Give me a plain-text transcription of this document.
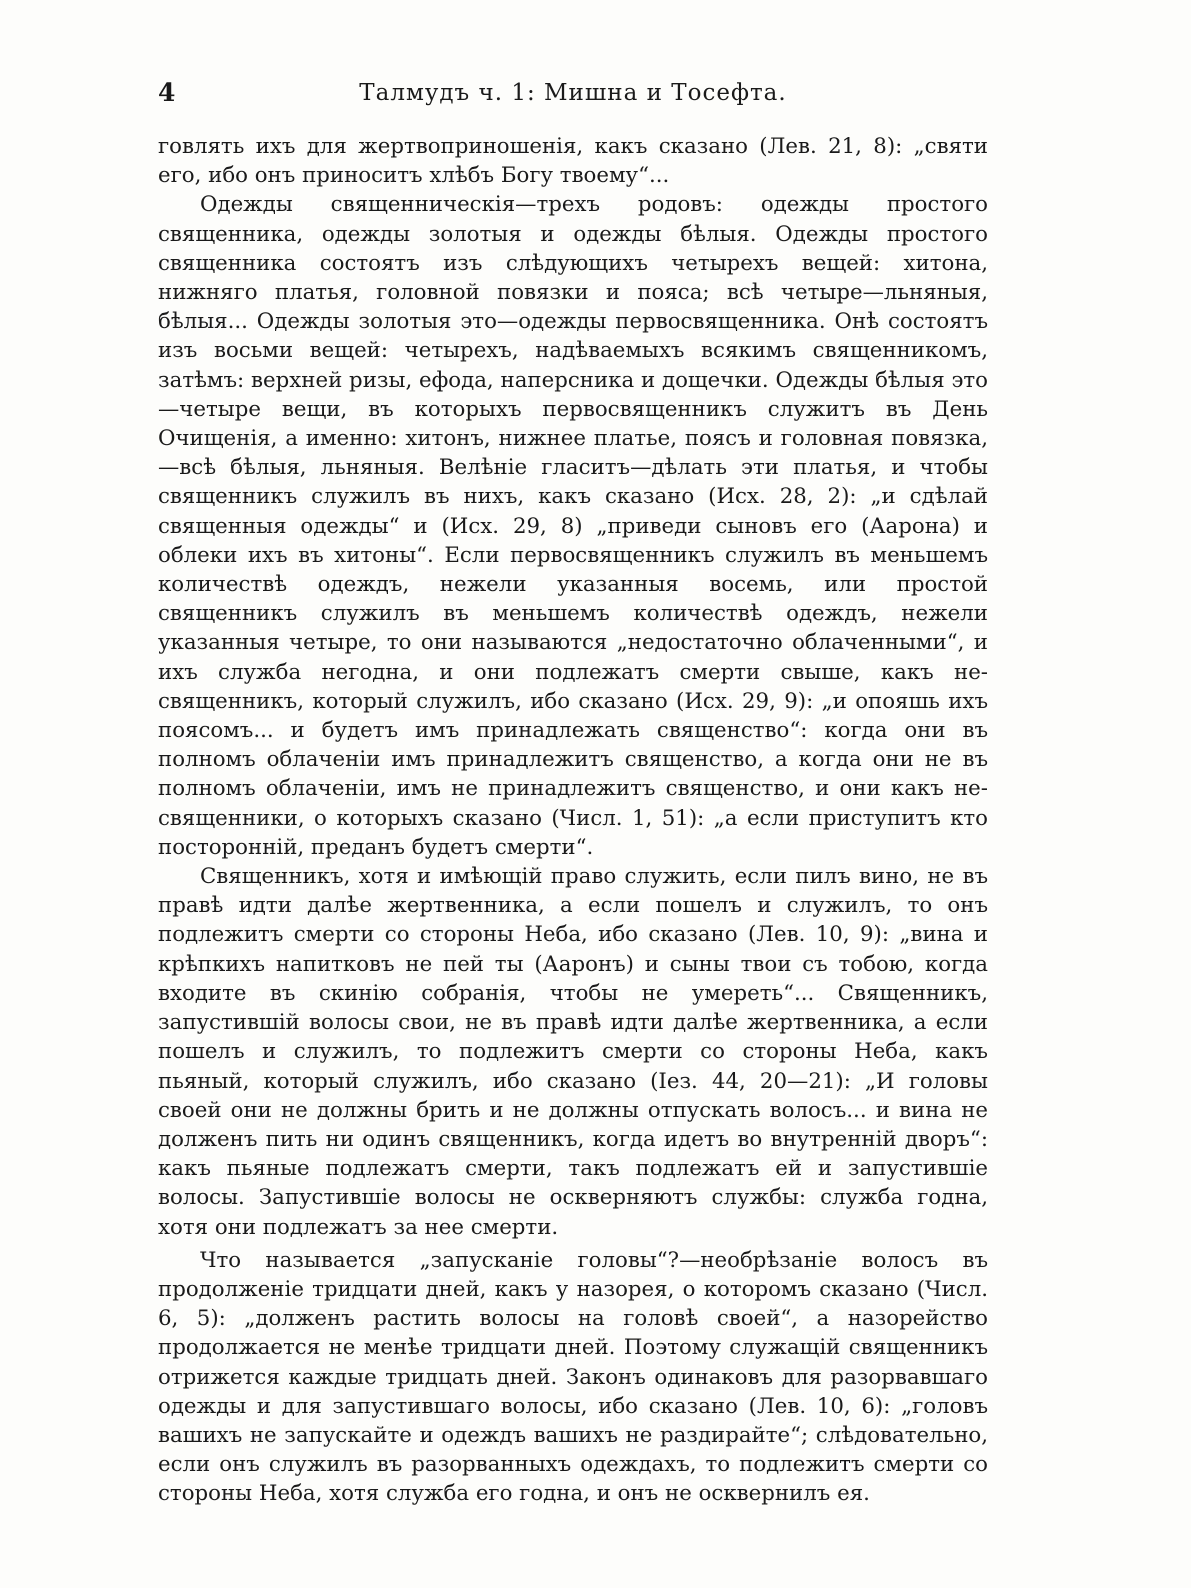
4	Талмудъ ч. 1: Мишна и Тосефта.

говлять ихъ для жертвоприношенія, какъ сказано (Лев. 21, 8): „святи его, ибо онъ приноситъ хлѣбъ Богу твоему“...

Одежды священническія—трехъ родовъ: одежды простого священника, одежды золотыя и одежды бѣлыя. Одежды простого священника состоятъ изъ слѣдующихъ четырехъ вещей: хитона, нижняго платья, головной повязки и пояса; всѣ четыре—льняныя, бѣлыя... Одежды золотыя это—одежды первосвященника. Онѣ состоятъ изъ восьми вещей: четырехъ, надѣваемыхъ всякимъ священникомъ, затѣмъ: верхней ризы, ефода, наперсника и дощечки. Одежды бѣлыя это—четыре вещи, въ которыхъ первосвященникъ служитъ въ День Очищенія, а именно: хитонъ, нижнее платье, поясъ и головная повязка,—всѣ бѣлыя, льняныя. Велѣніе гласитъ—дѣлать эти платья, и чтобы священникъ служилъ въ нихъ, какъ сказано (Исх. 28, 2): „и сдѣлай священныя одежды“ и (Исх. 29, 8) „приведи сыновъ его (Аарона) и облеки ихъ въ хитоны“. Если первосвященникъ служилъ въ меньшемъ количествѣ одеждъ, нежели указанныя восемь, или простой священникъ служилъ въ меньшемъ количествѣ одеждъ, нежели указанныя четыре, то они называются „недостаточно облаченными“, и ихъ служба негодна, и они подлежатъ смерти свыше, какъ не-священникъ, который служилъ, ибо сказано (Исх. 29, 9): „и опояшь ихъ поясомъ... и будетъ имъ принадлежать священство“: когда они въ полномъ облаченіи имъ принадлежитъ священство, а когда они не въ полномъ облаченіи, имъ не принадлежитъ священство, и они какъ не-священники, о которыхъ сказано (Числ. 1, 51): „а если приступитъ кто посторонній, преданъ будетъ смерти“.

Священникъ, хотя и имѣющій право служить, если пилъ вино, не въ правѣ идти далѣе жертвенника, а если пошелъ и служилъ, то онъ подлежитъ смерти со стороны Неба, ибо сказано (Лев. 10, 9): „вина и крѣпкихъ напитковъ не пей ты (Ааронъ) и сыны твои съ тобою, когда входите въ скинію собранія, чтобы не умереть“... Священникъ, запустившій волосы свои, не въ правѣ идти далѣе жертвенника, а если пошелъ и служилъ, то подлежитъ смерти со стороны Неба, какъ пьяный, который служилъ, ибо сказано (Іез. 44, 20—21): „И головы своей они не должны брить и не должны отпускать волосъ... и вина не долженъ пить ни одинъ священникъ, когда идетъ во внутренній дворъ“: какъ пьяные подлежатъ смерти, такъ подлежатъ ей и запустившіе волосы. Запустившіе волосы не оскверняютъ службы: служба годна, хотя они подлежатъ за нее смерти.

Что называется „запусканіе головы“?—необрѣзаніе волосъ въ продолженіе тридцати дней, какъ у назорея, о которомъ сказано (Числ. 6, 5): „долженъ растить волосы на головѣ своей“, а назорейство продолжается не менѣе тридцати дней. Поэтому служащій священникъ отрижется каждые тридцать дней. Законъ одинаковъ для разорвавшаго одежды и для запустившаго волосы, ибо сказано (Лев. 10, 6): „головъ вашихъ не запускайте и одеждъ вашихъ не раздирайте“; слѣдовательно, если онъ служилъ въ разорванныхъ одеждахъ, то подлежитъ смерти со стороны Неба, хотя служба его годна, и онъ не осквернилъ ея.
